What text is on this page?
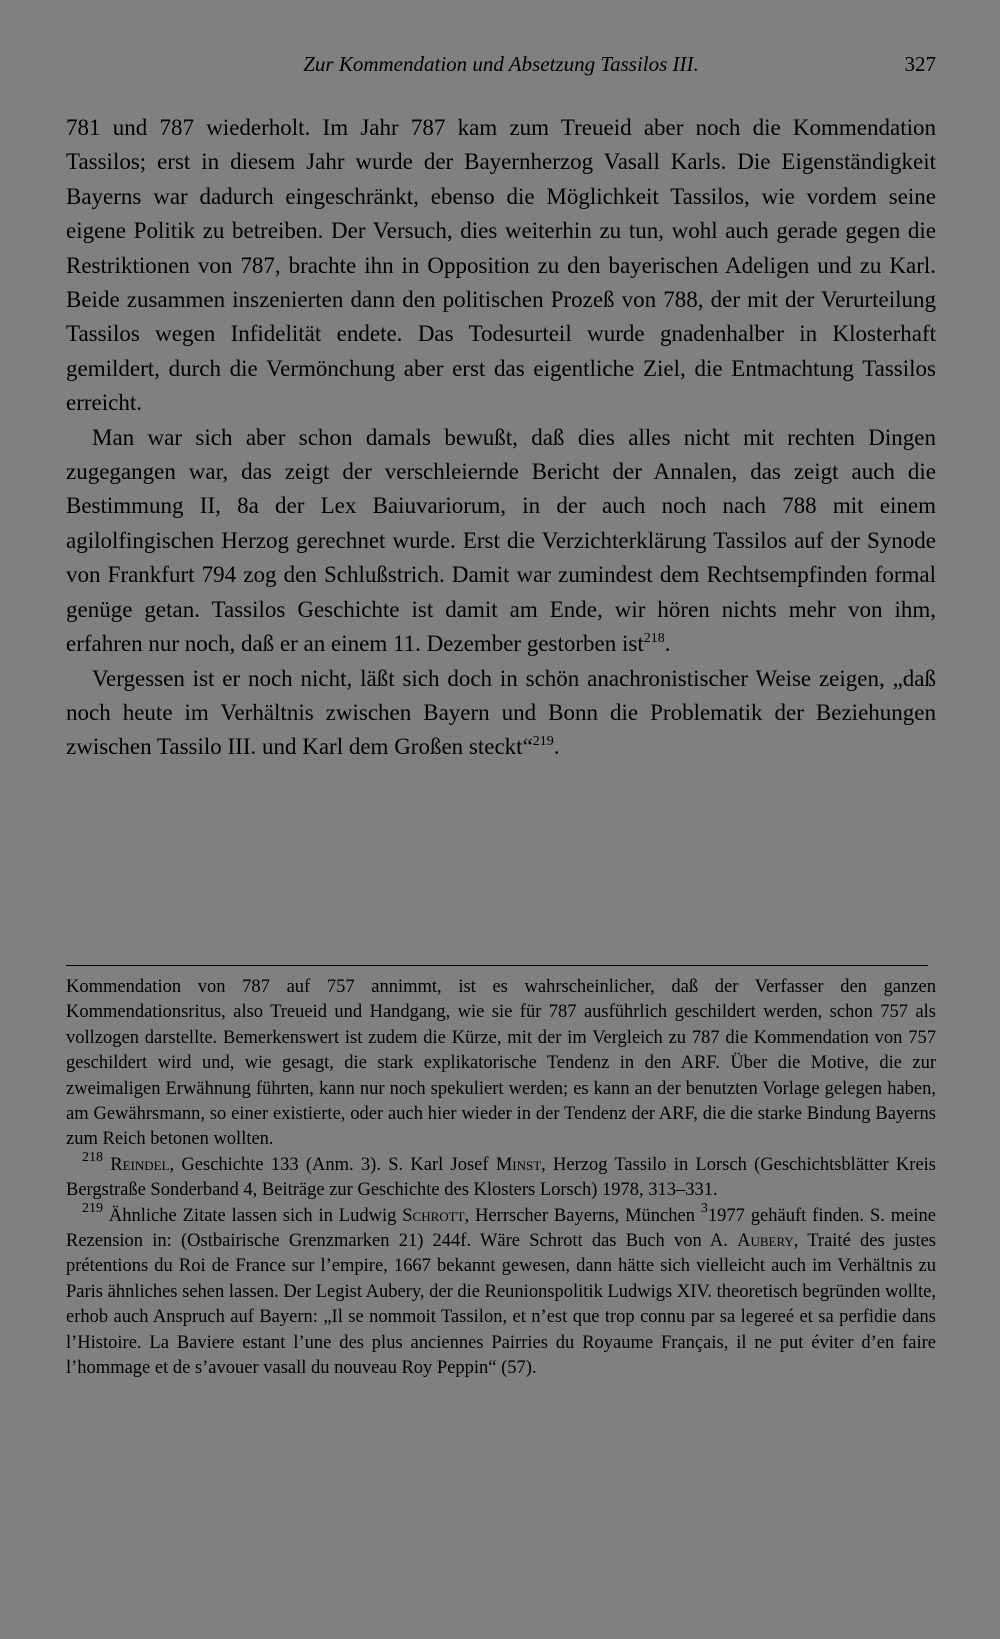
Zur Kommendation und Absetzung Tassilos III.	327

781 und 787 wiederholt. Im Jahr 787 kam zum Treueid aber noch die Kommendation Tassilos; erst in diesem Jahr wurde der Bayernherzog Vasall Karls. Die Eigenständigkeit Bayerns war dadurch eingeschränkt, ebenso die Möglichkeit Tassilos, wie vordem seine eigene Politik zu betreiben. Der Versuch, dies weiterhin zu tun, wohl auch gerade gegen die Restriktionen von 787, brachte ihn in Opposition zu den bayerischen Adeligen und zu Karl. Beide zusammen inszenierten dann den politischen Prozeß von 788, der mit der Verurteilung Tassilos wegen Infidelität endete. Das Todesurteil wurde gnadenhalber in Klosterhaft gemildert, durch die Vermönchung aber erst das eigentliche Ziel, die Entmachtung Tassilos erreicht.

Man war sich aber schon damals bewußt, daß dies alles nicht mit rechten Dingen zugegangen war, das zeigt der verschleiernde Bericht der Annalen, das zeigt auch die Bestimmung II, 8a der Lex Baiuvariorum, in der auch noch nach 788 mit einem agilolfingischen Herzog gerechnet wurde. Erst die Verzichterklärung Tassilos auf der Synode von Frankfurt 794 zog den Schlußstrich. Damit war zumindest dem Rechtsempfinden formal genüge getan. Tassilos Geschichte ist damit am Ende, wir hören nichts mehr von ihm, erfahren nur noch, daß er an einem 11. Dezember gestorben ist$^{218}$.

Vergessen ist er noch nicht, läßt sich doch in schön anachronistischer Weise zeigen, „daß noch heute im Verhältnis zwischen Bayern und Bonn die Problematik der Beziehungen zwischen Tassilo III. und Karl dem Großen steckt“$^{219}$.

Kommendation von 787 auf 757 annimmt, ist es wahrscheinlicher, daß der Verfasser den ganzen Kommendationsritus, also Treueid und Handgang, wie sie für 787 ausführlich geschildert werden, schon 757 als vollzogen darstellte. Bemerkenswert ist zudem die Kürze, mit der im Vergleich zu 787 die Kommendation von 757 geschildert wird und, wie gesagt, die stark explikatorische Tendenz in den ARF. Über die Motive, die zur zweimaligen Erwähnung führten, kann nur noch spekuliert werden; es kann an der benutzten Vorlage gelegen haben, am Gewährsmann, so einer existierte, oder auch hier wieder in der Tendenz der ARF, die die starke Bindung Bayerns zum Reich betonen wollten.

$^{218}$ Reindel, Geschichte 133 (Anm. 3). S. Karl Josef Minst, Herzog Tassilo in Lorsch (Geschichtsblätter Kreis Bergstraße Sonderband 4, Beiträge zur Geschichte des Klosters Lorsch) 1978, 313–331.

$^{219}$ Ähnliche Zitate lassen sich in Ludwig Schrott, Herrscher Bayerns, München $^3$1977 gehäuft finden. S. meine Rezension in: (Ostbairische Grenzmarken 21) 244f. Wäre Schrott das Buch von A. Aubery, Traité des justes prétentions du Roi de France sur l’empire, 1667 bekannt gewesen, dann hätte sich vielleicht auch im Verhältnis zu Paris ähnliches sehen lassen. Der Legist Aubery, der die Reunionspolitik Ludwigs XIV. theoretisch begründen wollte, erhob auch Anspruch auf Bayern: „Il se nommoit Tassilon, et n’est que trop connu par sa legereé et sa perfidie dans l’Histoire. La Baviere estant l’une des plus anciennes Pairries du Royaume Français, il ne put éviter d’en faire l’hommage et de s’avouer vasall du nouveau Roy Peppin“ (57).
